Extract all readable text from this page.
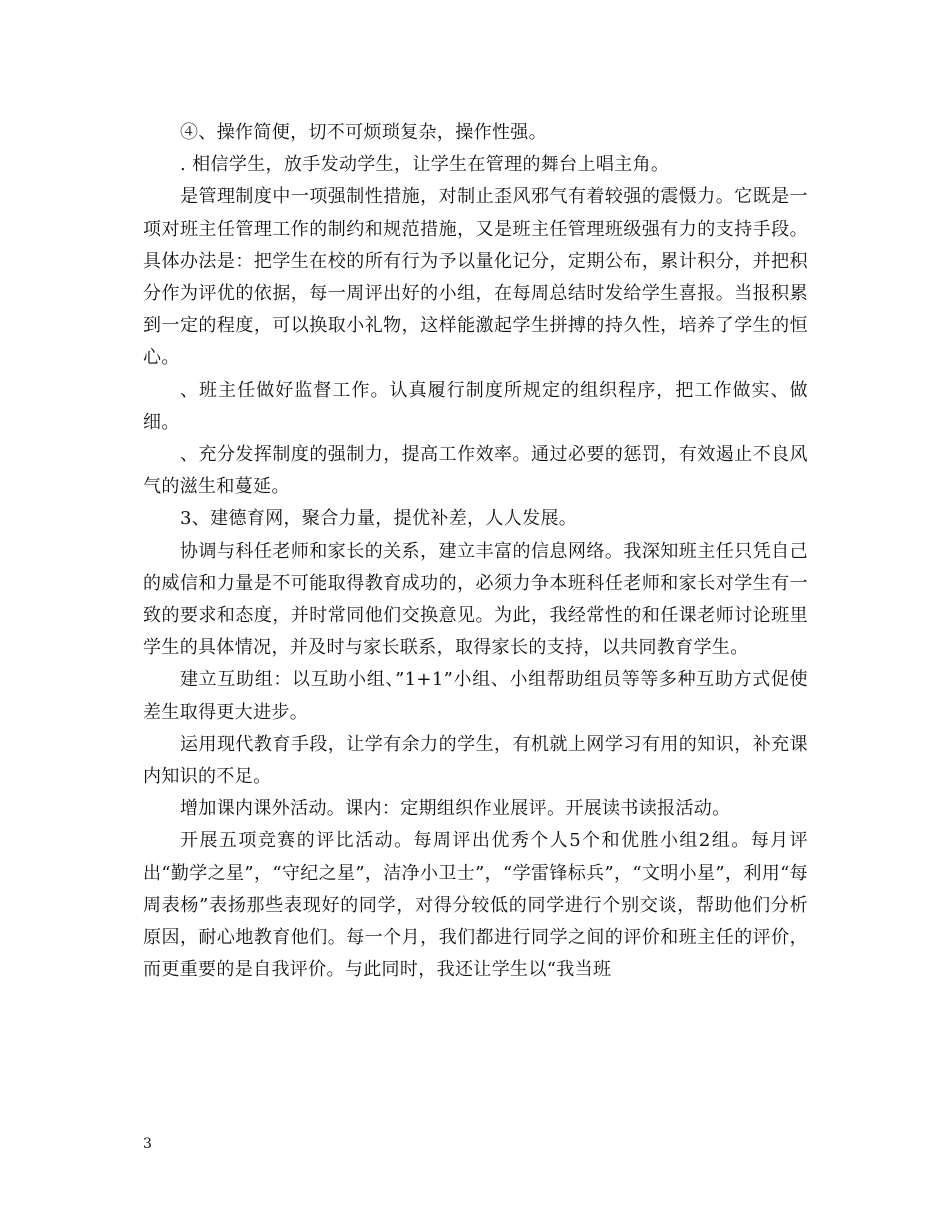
④、操作简便，切不可烦琐复杂，操作性强。

. 相信学生，放手发动学生，让学生在管理的舞台上唱主角。

是管理制度中一项强制性措施，对制止歪风邪气有着较强的震慑力。它既是一项对班主任管理工作的制约和规范措施，又是班主任管理班级强有力的支持手段。具体办法是：把学生在校的所有行为予以量化记分，定期公布，累计积分，并把积分作为评优的依据，每一周评出好的小组，在每周总结时发给学生喜报。当报积累到一定的程度，可以换取小礼物，这样能激起学生拼搏的持久性，培养了学生的恒心。

、班主任做好监督工作。认真履行制度所规定的组织程序，把工作做实、做细。

、充分发挥制度的强制力，提高工作效率。通过必要的惩罚，有效遏止不良风气的滋生和蔓延。

3、建德育网，聚合力量，提优补差，人人发展。

协调与科任老师和家长的关系，建立丰富的信息网络。我深知班主任只凭自己的威信和力量是不可能取得教育成功的，必须力争本班科任老师和家长对学生有一致的要求和态度，并时常同他们交换意见。为此，我经常性的和任课老师讨论班里学生的具体情况，并及时与家长联系，取得家长的支持，以共同教育学生。

建立互助组：以互助小组、”1+1”小组、小组帮助组员等等多种互助方式促使差生取得更大进步。

运用现代教育手段，让学有余力的学生，有机就上网学习有用的知识，补充课内知识的不足。

增加课内课外活动。课内：定期组织作业展评。开展读书读报活动。

开展五项竞赛的评比活动。每周评出优秀个人5个和优胜小组2组。每月评出“勤学之星”，“守纪之星”，洁净小卫士”，“学雷锋标兵”，“文明小星”，利用“每周表杨”表扬那些表现好的同学，对得分较低的同学进行个别交谈，帮助他们分析原因，耐心地教育他们。每一个月，我们都进行同学之间的评价和班主任的评价，而更重要的是自我评价。与此同时，我还让学生以“我当班

3
